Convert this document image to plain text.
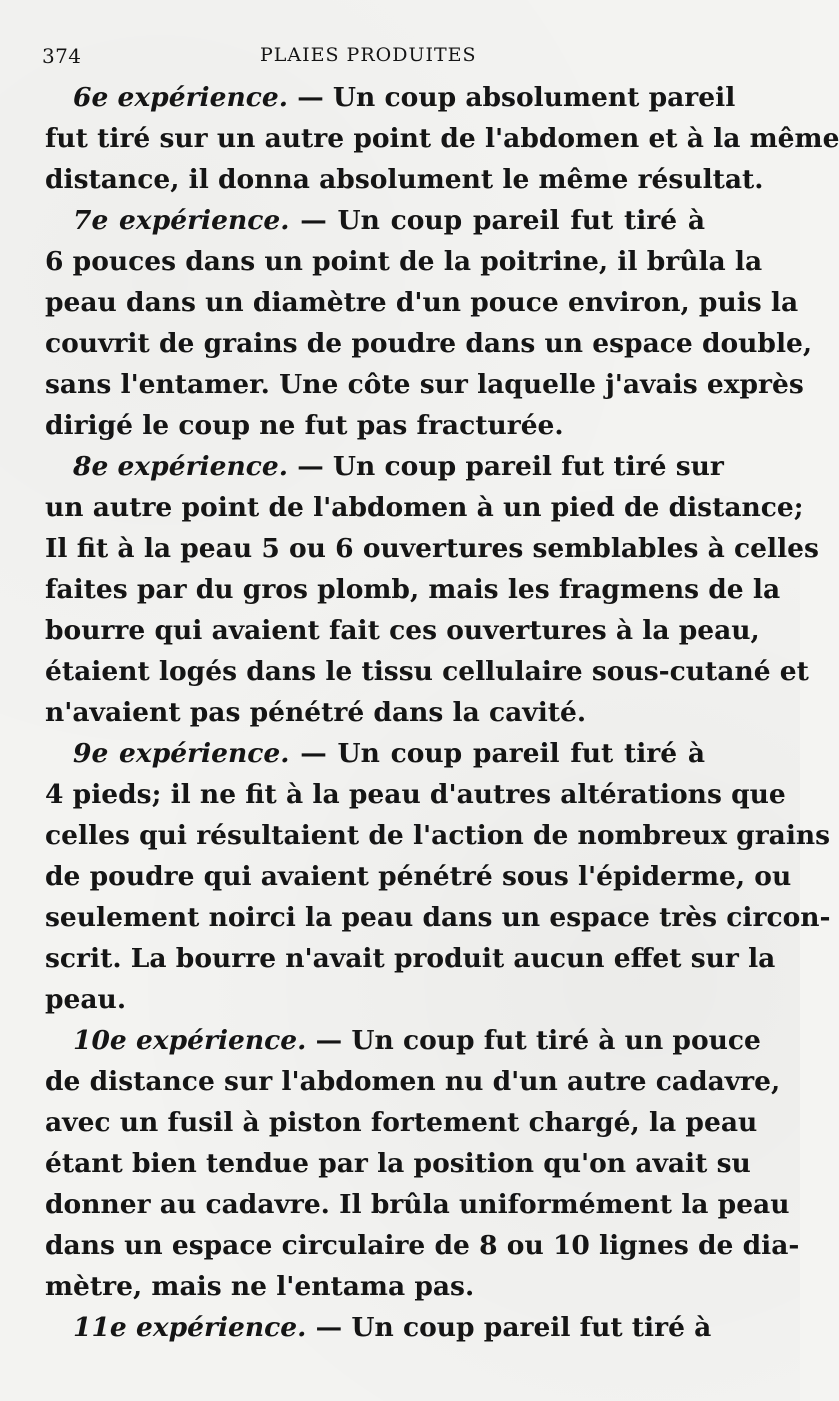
374	PLAIES PRODUITES
6e expérience. — Un coup absolument pareil
fut tiré sur un autre point de l'abdomen et à la même
distance, il donna absolument le même résultat.
7e expérience. — Un coup pareil fut tiré à
6 pouces dans un point de la poitrine, il brûla la
peau dans un diamètre d'un pouce environ, puis la
couvrit de grains de poudre dans un espace double,
sans l'entamer. Une côte sur laquelle j'avais exprès
dirigé le coup ne fut pas fracturée.
8e expérience. — Un coup pareil fut tiré sur
un autre point de l'abdomen à un pied de distance;
Il fit à la peau 5 ou 6 ouvertures semblables à celles
faites par du gros plomb, mais les fragmens de la
bourre qui avaient fait ces ouvertures à la peau,
étaient logés dans le tissu cellulaire sous-cutané et
n'avaient pas pénétré dans la cavité.
9e expérience. — Un coup pareil fut tiré à
4 pieds; il ne fit à la peau d'autres altérations que
celles qui résultaient de l'action de nombreux grains
de poudre qui avaient pénétré sous l'épiderme, ou
seulement noirci la peau dans un espace très circon-
scrit. La bourre n'avait produit aucun effet sur la
peau.
10e expérience. — Un coup fut tiré à un pouce
de distance sur l'abdomen nu d'un autre cadavre,
avec un fusil à piston fortement chargé, la peau
étant bien tendue par la position qu'on avait su
donner au cadavre. Il brûla uniformément la peau
dans un espace circulaire de 8 ou 10 lignes de dia-
mètre, mais ne l'entama pas.
11e expérience. — Un coup pareil fut tiré à
